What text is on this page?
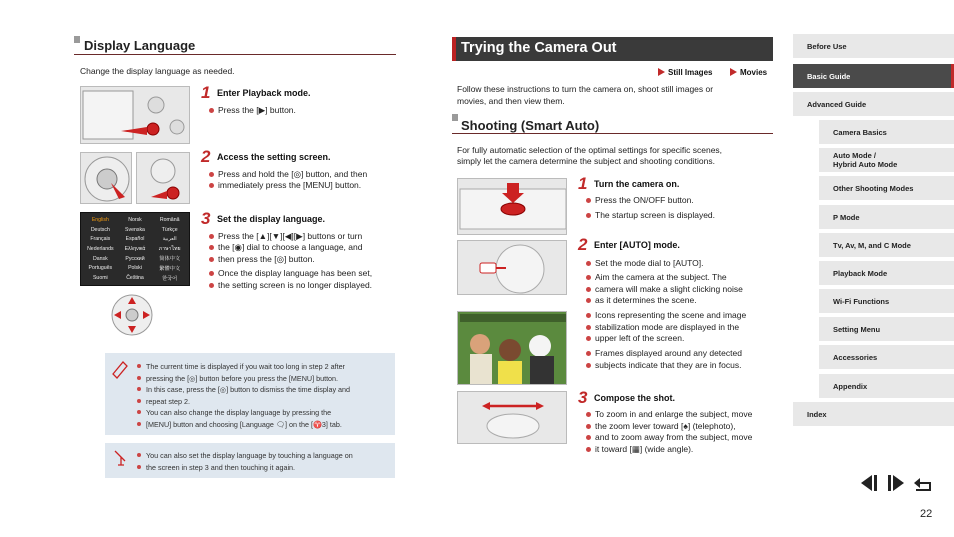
Display Language
Change the display language as needed.
1 Enter Playback mode.
Press the [▶] button.
2 Access the setting screen.
Press and hold the [◎] button, and then
immediately press the [MENU] button.
English	Norsk	Română
Deutsch	Svenska	Türkçe
Français	Español	العربية
Nederlands	Ελληνικά	ภาษาไทย
Dansk	Русский	简体中文
Português	Polski	繁體中文
Suomi	Čeština	한국어
3 Set the display language.
Press the [▲][▼][◀][▶] buttons or turn
the [◉] dial to choose a language, and
then press the [◎] button.
Once the display language has been set,
the setting screen is no longer displayed.
The current time is displayed if you wait too long in step 2 after
pressing the [◎] button before you press the [MENU] button.
In this case, press the [◎] button to dismiss the time display and
repeat step 2.
You can also change the display language by pressing the
[MENU] button and choosing [Language 🗨] on the [♈3] tab.
You can also set the display language by touching a language on
the screen in step 3 and then touching it again.
Trying the Camera Out
Still Images	Movies
Follow these instructions to turn the camera on, shoot still images or
movies, and then view them.
Shooting (Smart Auto)
For fully automatic selection of the optimal settings for specific scenes,
simply let the camera determine the subject and shooting conditions.
1 Turn the camera on.
Press the ON/OFF button.
The startup screen is displayed.
2 Enter [AUTO] mode.
Set the mode dial to [AUTO].
Aim the camera at the subject. The
camera will make a slight clicking noise
as it determines the scene.
Icons representing the scene and image
stabilization mode are displayed in the
upper left of the screen.
Frames displayed around any detected
subjects indicate that they are in focus.
3 Compose the shot.
To zoom in and enlarge the subject, move
the zoom lever toward [♠] (telephoto),
and to zoom away from the subject, move
it toward [▦] (wide angle).
Before Use
Basic Guide
Advanced Guide
Camera Basics
Auto Mode /
Hybrid Auto Mode
Other Shooting Modes
P Mode
Tv, Av, M, and C Mode
Playback Mode
Wi-Fi Functions
Setting Menu
Accessories
Appendix
Index
22
